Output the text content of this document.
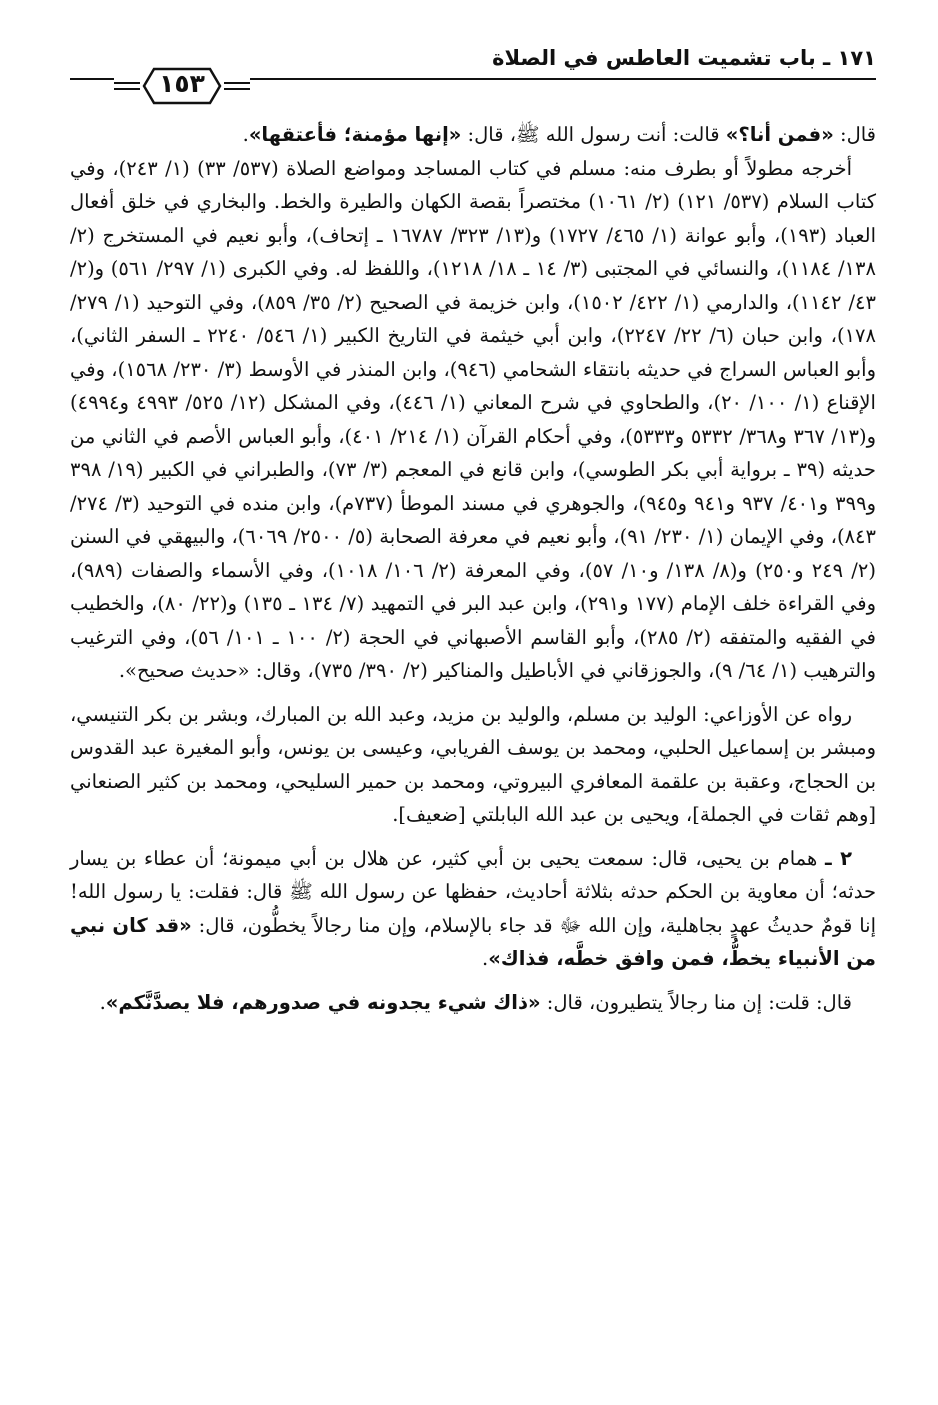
١٧١ ـ باب تشميت العاطس في الصلاة
١٥٣

قال: «فمن أنا؟» قالت: أنت رسول الله ﷺ، قال: «إنها مؤمنة؛ فأعتقها».

أخرجه مطولاً أو بطرف منه: مسلم في كتاب المساجد ومواضع الصلاة (٥٣٧/ ٣٣) (١/ ٢٤٣)، وفي كتاب السلام (٥٣٧/ ١٢١) (٢/ ١٠٦١) مختصراً بقصة الكهان والطيرة والخط. والبخاري في خلق أفعال العباد (١٩٣)، وأبو عوانة (١/ ٤٦٥/ ١٧٢٧) و(١٣/ ٣٢٣/ ١٦٧٨٧ ـ إتحاف)، وأبو نعيم في المستخرج (٢/ ١٣٨/ ١١٨٤)، والنسائي في المجتبى (٣/ ١٤ ـ ١٨/ ١٢١٨)، واللفظ له. وفي الكبرى (١/ ٢٩٧/ ٥٦١) و(٢/ ٤٣/ ١١٤٢)، والدارمي (١/ ٤٢٢/ ١٥٠٢)، وابن خزيمة في الصحيح (٢/ ٣٥/ ٨٥٩)، وفي التوحيد (١/ ٢٧٩/ ١٧٨)، وابن حبان (٦/ ٢٢/ ٢٢٤٧)، وابن أبي خيثمة في التاريخ الكبير (١/ ٥٤٦/ ٢٢٤٠ ـ السفر الثاني)، وأبو العباس السراج في حديثه بانتقاء الشحامي (٩٤٦)، وابن المنذر في الأوسط (٣/ ٢٣٠/ ١٥٦٨)، وفي الإقناع (١/ ١٠٠/ ٢٠)، والطحاوي في شرح المعاني (١/ ٤٤٦)، وفي المشكل (١٢/ ٥٢٥/ ٤٩٩٣ و٤٩٩٤) و(١٣/ ٣٦٧ و٣٦٨/ ٥٣٣٢ و٥٣٣٣)، وفي أحكام القرآن (١/ ٢١٤/ ٤٠١)، وأبو العباس الأصم في الثاني من حديثه (٣٩ ـ برواية أبي بكر الطوسي)، وابن قانع في المعجم (٣/ ٧٣)، والطبراني في الكبير (١٩/ ٣٩٨ و٣٩٩ و٤٠١/ ٩٣٧ و٩٤١ و٩٤٥)، والجوهري في مسند الموطأ (٧٣٧م)، وابن منده في التوحيد (٣/ ٢٧٤/ ٨٤٣)، وفي الإيمان (١/ ٢٣٠/ ٩١)، وأبو نعيم في معرفة الصحابة (٥/ ٢٥٠٠/ ٦٠٦٩)، والبيهقي في السنن (٢/ ٢٤٩ و٢٥٠) و(٨/ ١٣٨/ و١٠/ ٥٧)، وفي المعرفة (٢/ ١٠٦/ ١٠١٨)، وفي الأسماء والصفات (٩٨٩)، وفي القراءة خلف الإمام (١٧٧ و٢٩١)، وابن عبد البر في التمهيد (٧/ ١٣٤ ـ ١٣٥) و(٢٢/ ٨٠)، والخطيب في الفقيه والمتفقه (٢/ ٢٨٥)، وأبو القاسم الأصبهاني في الحجة (٢/ ١٠٠ ـ ١٠١/ ٥٦)، وفي الترغيب والترهيب (١/ ٦٤/ ٩)، والجوزقاني في الأباطيل والمناكير (٢/ ٣٩٠/ ٧٣٥)، وقال: «حديث صحيح».

رواه عن الأوزاعي: الوليد بن مسلم، والوليد بن مزيد، وعبد الله بن المبارك، وبشر بن بكر التنيسي، ومبشر بن إسماعيل الحلبي، ومحمد بن يوسف الفريابي، وعيسى بن يونس، وأبو المغيرة عبد القدوس بن الحجاج، وعقبة بن علقمة المعافري البيروتي، ومحمد بن حمير السليحي، ومحمد بن كثير الصنعاني [وهم ثقات في الجملة]، ويحيى بن عبد الله البابلتي [ضعيف].

٢ ـ همام بن يحيى، قال: سمعت يحيى بن أبي كثير، عن هلال بن أبي ميمونة؛ أن عطاء بن يسار حدثه؛ أن معاوية بن الحكم حدثه بثلاثة أحاديث، حفظها عن رسول الله ﷺ قال: فقلت: يا رسول الله! إنا قومٌ حديثُ عهدٍ بجاهلية، وإن الله ﷻ قد جاء بالإسلام، وإن منا رجالاً يخطُّون، قال: «قد كان نبي من الأنبياء يخطُّ، فمن وافق خطَّه، فذاك».

قال: قلت: إن منا رجالاً يتطيرون، قال: «ذاك شيء يجدونه في صدورهم، فلا يصدَّنَّكم».
